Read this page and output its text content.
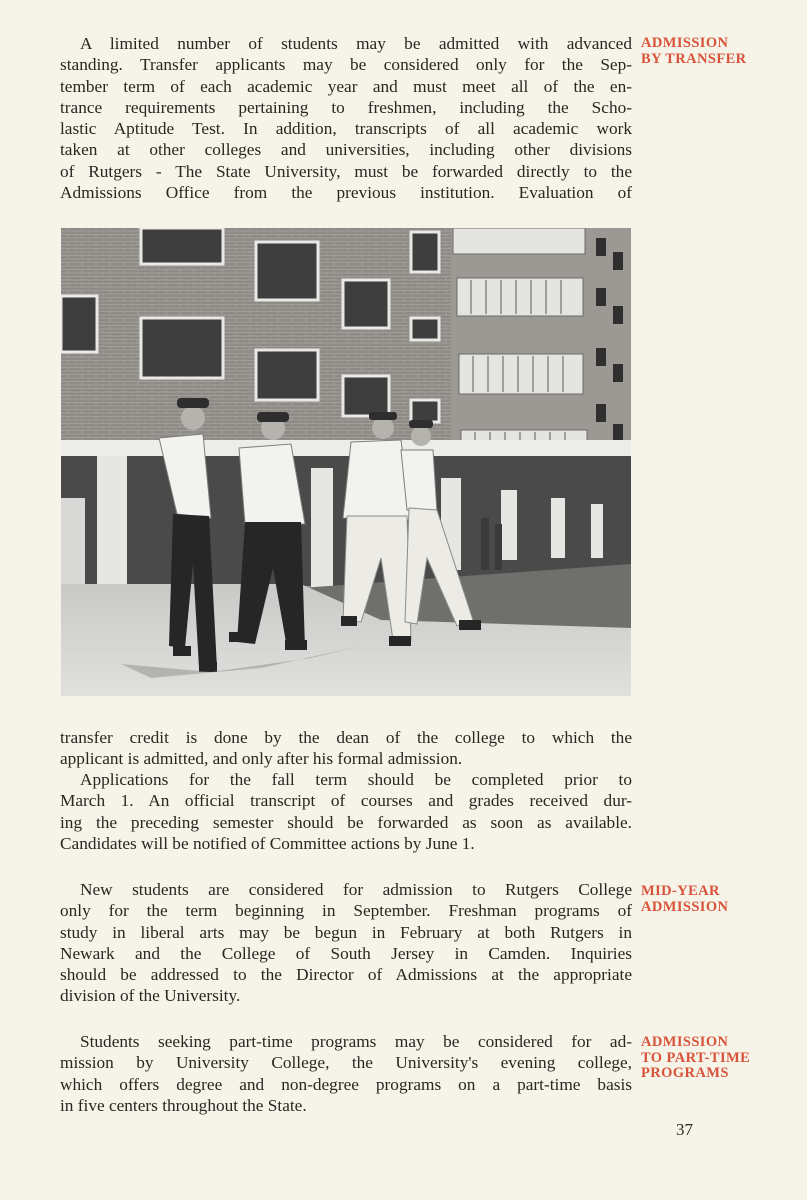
ADMISSION
BY TRANSFER

A limited number of students may be admitted with advanced
standing. Transfer applicants may be considered only for the Sep-
tember term of each academic year and must meet all of the en-
trance requirements pertaining to freshmen, including the Scho-
lastic Aptitude Test. In addition, transcripts of all academic work
taken at other colleges and universities, including other divisions
of Rutgers - The State University, must be forwarded directly to the
Admissions Office from the previous institution. Evaluation of

transfer credit is done by the dean of the college to which the
applicant is admitted, and only after his formal admission.

Applications for the fall term should be completed prior to
March 1. An official transcript of courses and grades received dur-
ing the preceding semester should be forwarded as soon as available.
Candidates will be notified of Committee actions by June 1.

MID-YEAR
ADMISSION

New students are considered for admission to Rutgers College
only for the term beginning in September. Freshman programs of
study in liberal arts may be begun in February at both Rutgers in
Newark and the College of South Jersey in Camden. Inquiries
should be addressed to the Director of Admissions at the appropriate
division of the University.

ADMISSION
TO PART-TIME
PROGRAMS

Students seeking part-time programs may be considered for ad-
mission by University College, the University's evening college,
which offers degree and non-degree programs on a part-time basis
in five centers throughout the State.

37
